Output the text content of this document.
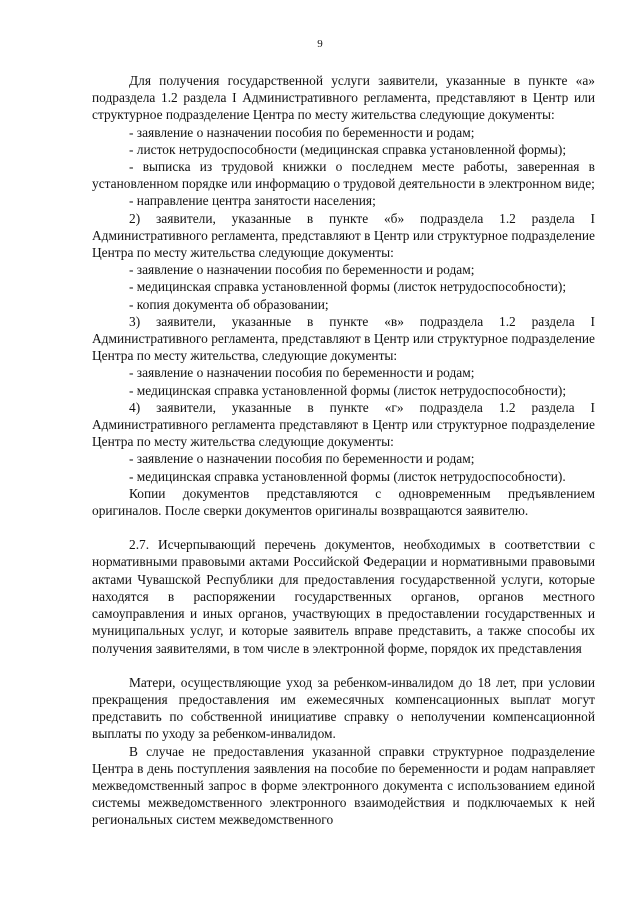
9
Для получения государственной услуги заявители, указанные в пункте «а» подраздела 1.2 раздела I Административного регламента, представляют в Центр или структурное подразделение Центра по месту жительства следующие документы:
- заявление о назначении пособия по беременности и родам;
- листок нетрудоспособности (медицинская справка установленной формы);
- выписка из трудовой книжки о последнем месте работы, заверенная в установленном порядке или информацию о трудовой деятельности в электронном виде;
- направление центра занятости населения;
2) заявители, указанные в пункте «б» подраздела 1.2 раздела I Административного регламента, представляют в Центр или структурное подразделение Центра по месту жительства следующие документы:
- заявление о назначении пособия по беременности и родам;
- медицинская справка установленной формы (листок нетрудоспособности);
- копия документа об образовании;
3) заявители, указанные в пункте «в» подраздела 1.2 раздела I Административного регламента, представляют в Центр или структурное подразделение Центра по месту жительства, следующие документы:
- заявление о назначении пособия по беременности и родам;
- медицинская справка установленной формы (листок нетрудоспособности);
4) заявители, указанные в пункте «г» подраздела 1.2 раздела I Административного регламента представляют в Центр или структурное подразделение Центра по месту жительства следующие документы:
- заявление о назначении пособия по беременности и родам;
- медицинская справка установленной формы (листок нетрудоспособности).
Копии документов представляются с одновременным предъявлением оригиналов. После сверки документов оригиналы возвращаются заявителю.
2.7. Исчерпывающий перечень документов, необходимых в соответствии с нормативными правовыми актами Российской Федерации и нормативными правовыми актами Чувашской Республики для предоставления государственной услуги, которые находятся в распоряжении государственных органов, органов местного самоуправления и иных органов, участвующих в предоставлении государственных и муниципальных услуг, и которые заявитель вправе представить, а также способы их получения заявителями, в том числе в электронной форме, порядок их представления
Матери, осуществляющие уход за ребенком-инвалидом до 18 лет, при условии прекращения предоставления им ежемесячных компенсационных выплат могут представить по собственной инициативе справку о неполучении компенсационной выплаты по уходу за ребенком-инвалидом.
В случае не предоставления указанной справки структурное подразделение Центра в день поступления заявления на пособие по беременности и родам направляет межведомственный запрос в форме электронного документа с использованием единой системы межведомственного электронного взаимодействия и подключаемых к ней региональных систем межведомственного
